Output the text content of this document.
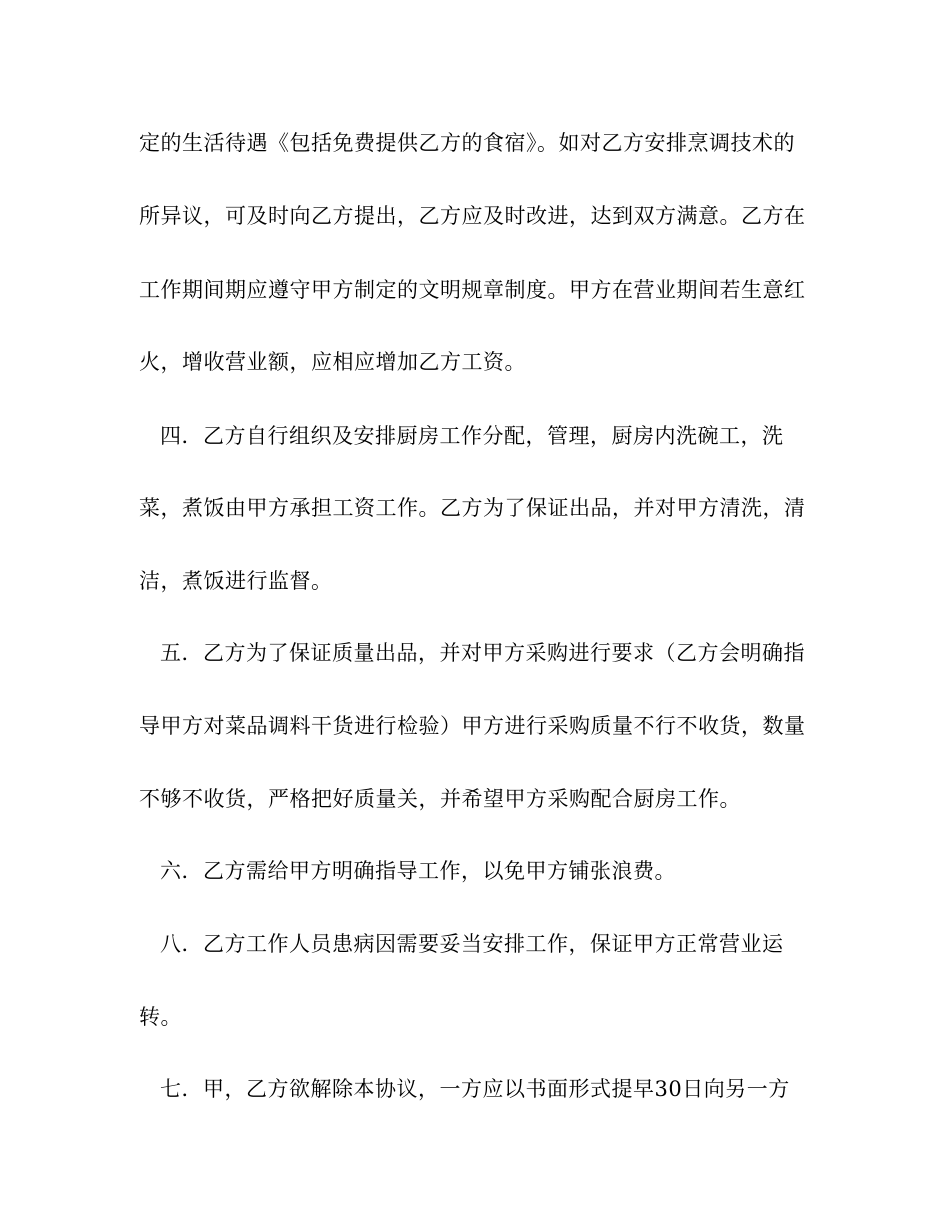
定的生活待遇《包括免费提供乙方的食宿》。如对乙方安排烹调技术的
所异议，可及时向乙方提出，乙方应及时改进，达到双方满意。乙方在
工作期间期应遵守甲方制定的文明规章制度。甲方在营业期间若生意红
火，增收营业额，应相应增加乙方工资。
四．乙方自行组织及安排厨房工作分配，管理，厨房内洗碗工，洗
菜，煮饭由甲方承担工资工作。乙方为了保证出品，并对甲方清洗，清
洁，煮饭进行监督。
五．乙方为了保证质量出品，并对甲方采购进行要求（乙方会明确指
导甲方对菜品调料干货进行检验）甲方进行采购质量不行不收货，数量
不够不收货，严格把好质量关，并希望甲方采购配合厨房工作。
六．乙方需给甲方明确指导工作，以免甲方铺张浪费。
八．乙方工作人员患病因需要妥当安排工作，保证甲方正常营业运
转。
七．甲，乙方欲解除本协议，一方应以书面形式提早30日向另一方
